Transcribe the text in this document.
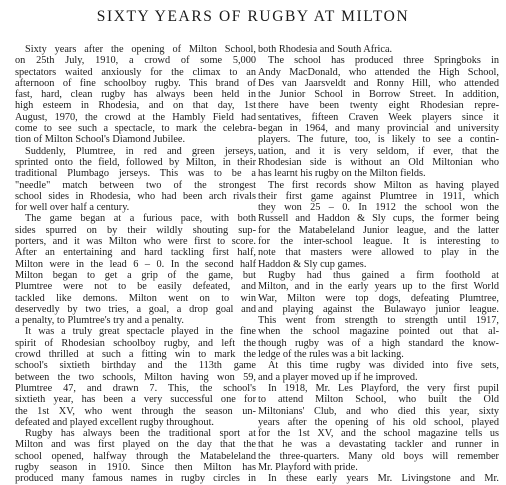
SIXTY YEARS OF RUGBY AT MILTON
Sixty years after the opening of Milton School,
on 25th July, 1910, a crowd of some 5,000
spectators waited anxiously for the climax to an
afternoon of fine schoolboy rugby. This brand of
fast, hard, clean rugby has always been held in
high esteem in Rhodesia, and on that day, 1st
August, 1970, the crowd at the Hambly Field had
come to see such a spectacle, to mark the celebra-
tion of Milton School's Diamond Jubilee.
Suddenly, Plumtree, in red and green jerseys,
sprinted onto the field, followed by Milton, in their
traditional Plumbago jerseys. This was to be a
"needle" match between two of the strongest
school sides in Rhodesia, who had been arch rivals
for well over half a century.
The game began at a furious pace, with both
sides spurred on by their wildly shouting sup-
porters, and it was Milton who were first to score.
After an entertaining and hard tackling first half,
Milton were in the lead 6 – 0. In the second half
Milton began to get a grip of the game, but
Plumtree were not to be easily defeated, and
tackled like demons. Milton went on to win
deservedly by two tries, a goal, a drop goal and
a penalty, to Plumtree's try and a penalty.
It was a truly great spectacle played in the fine
spirit of Rhodesian schoolboy rugby, and left the
crowd thrilled at such a fitting win to mark the
school's sixtieth birthday and the 113th game
between the two schools, Milton having won 59,
Plumtree 47, and drawn 7. This, the school's
sixtieth year, has been a very successful one for
the 1st XV, who went through the season un-
defeated and played excellent rugby throughout.
Rugby has always been the traditional sport at
Milton and was first played on the day that the
school opened, halfway through the Matabeleland
rugby season in 1910. Since then Milton has
produced many famous names in rugby circles in
both Rhodesia and South Africa.
The school has produced three Springboks in
Andy MacDonald, who attended the High School,
Des van Jaarsveldt and Ronny Hill, who attended
the Junior School in Borrow Street. In addition,
there have been twenty eight Rhodesian repre-
sentatives, fifteen Craven Week players since it
began in 1964, and many provincial and university
players. The future, too, is likely to see a contin-
uation, and it is very seldom, if ever, that the
Rhodesian side is without an Old Miltonian who
has learnt his rugby on the Milton fields.
The first records show Milton as having played
their first game against Plumtree in 1911, which
they won 25 – 0. In 1912 the school won the
Russell and Haddon & Sly cups, the former being
for the Matabeleland Junior league, and the latter
for the inter-school league. It is interesting to
note that masters were allowed to play in the
Haddon & Sly cup games.
Rugby had thus gained a firm foothold at
Milton, and in the early years up to the first World
War, Milton were top dogs, defeating Plumtree,
and playing against the Bulawayo junior league.
This went from strength to strength until 1917,
when the school magazine pointed out that al-
though rugby was of a high standard the know-
ledge of the rules was a bit lacking.
At this time rugby was divided into five sets,
and a player moved up if he improved.
In 1918, Mr. Les Playford, the very first pupil
to attend Milton School, who built the Old
Miltonians' Club, and who died this year, sixty
years after the opening of his old school, played
for the 1st XV, and the school magazine tells us
that he was a devastating tackler and runner in
the three-quarters. Many old boys will remember
Mr. Playford with pride.
In these early years Mr. Livingstone and Mr.
